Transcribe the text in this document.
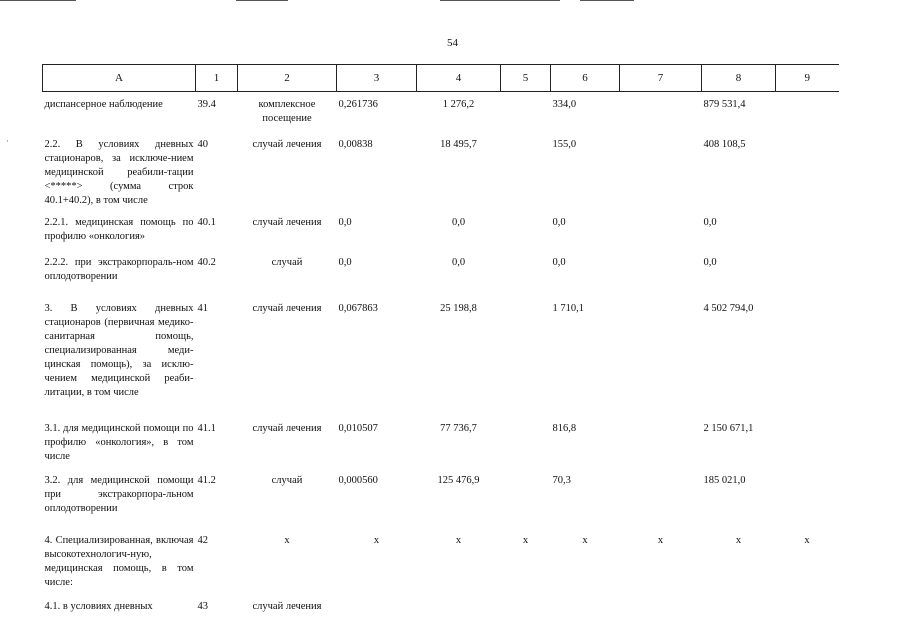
·
54
А	1	2	3	4	5	6	7	8	9
диспансерное наблюдение	39.4	комплексное посещение	0,261736	1 276,2		334,0		879 531,4	
2.2. В условиях дневных стационаров, за исключе-нием медицинской реабили-тации <*****> (сумма строк 40.1+40.2), в том числе	40	случай лечения	0,00838	18 495,7		155,0		408 108,5	
2.2.1. медицинская помощь по профилю «онкология»	40.1	случай лечения	0,0	0,0		0,0		0,0	
2.2.2. при экстракорпораль-ном оплодотворении	40.2	случай	0,0	0,0		0,0		0,0	
3. В условиях дневных стационаров (первичная медико-санитарная помощь, специализированная меди-цинская помощь), за исклю-чением медицинской реаби-литации, в том числе	41	случай лечения	0,067863	25 198,8		1 710,1		4 502 794,0	
3.1. для медицинской помощи по профилю «онкология», в том числе	41.1	случай лечения	0,010507	77 736,7		816,8		2 150 671,1	
3.2. для медицинской помощи при экстракорпора-льном оплодотворении	41.2	случай	0,000560	125 476,9		70,3		185 021,0	
4. Специализированная, включая высокотехнологич-ную, медицинская помощь, в том числе:	42	х	х	х	х	х	х	х	х
4.1. в условиях дневных	43	случай лечения							
